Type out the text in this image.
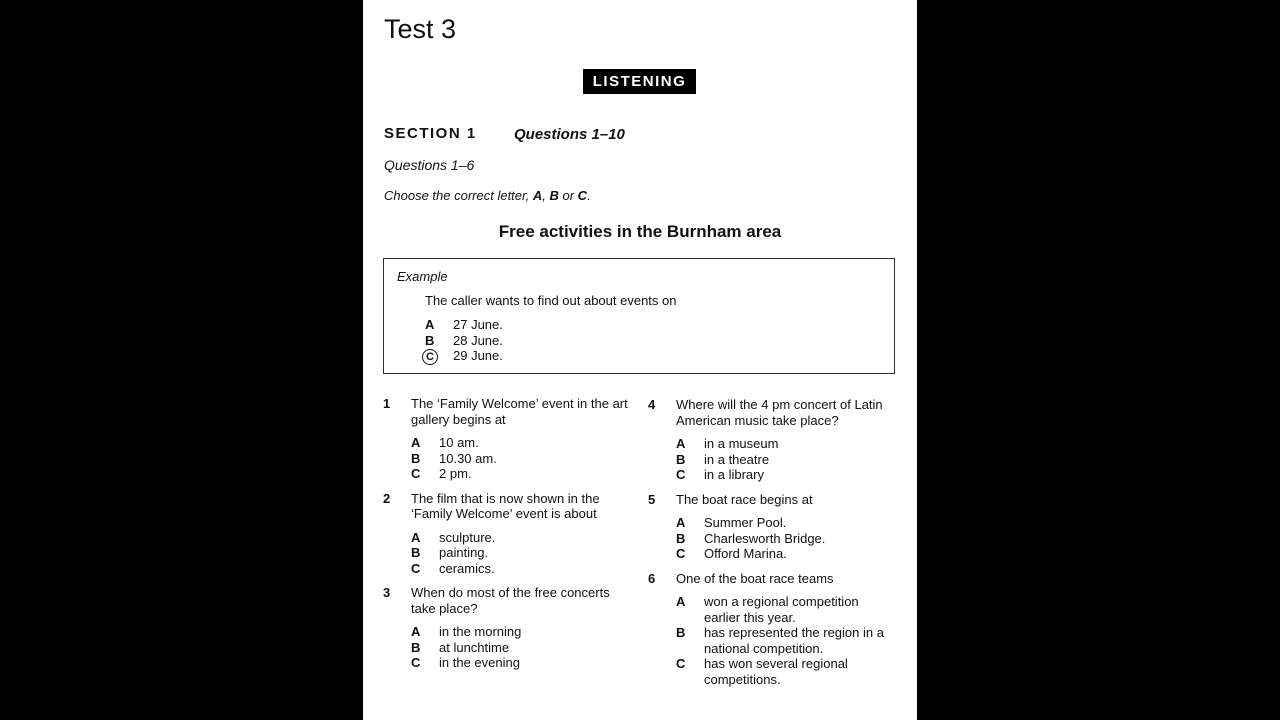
Test 3
LISTENING
SECTION 1 Questions 1–10
Questions 1–6
Choose the correct letter, A, B or C.
Free activities in the Burnham area
Example
The caller wants to find out about events on
A	27 June.
B	28 June.
C	29 June.
1 The ‘Family Welcome’ event in the art gallery begins at
A	10 am.
B	10.30 am.
C	2 pm.
2 The film that is now shown in the ‘Family Welcome’ event is about
A	sculpture.
B	painting.
C	ceramics.
3 When do most of the free concerts take place?
A	in the morning
B	at lunchtime
C	in the evening
4 Where will the 4 pm concert of Latin American music take place?
A	in a museum
B	in a theatre
C	in a library
5 The boat race begins at
A	Summer Pool.
B	Charlesworth Bridge.
C	Offord Marina.
6 One of the boat race teams
A	won a regional competition earlier this year.
B	has represented the region in a national competition.
C	has won several regional competitions.
